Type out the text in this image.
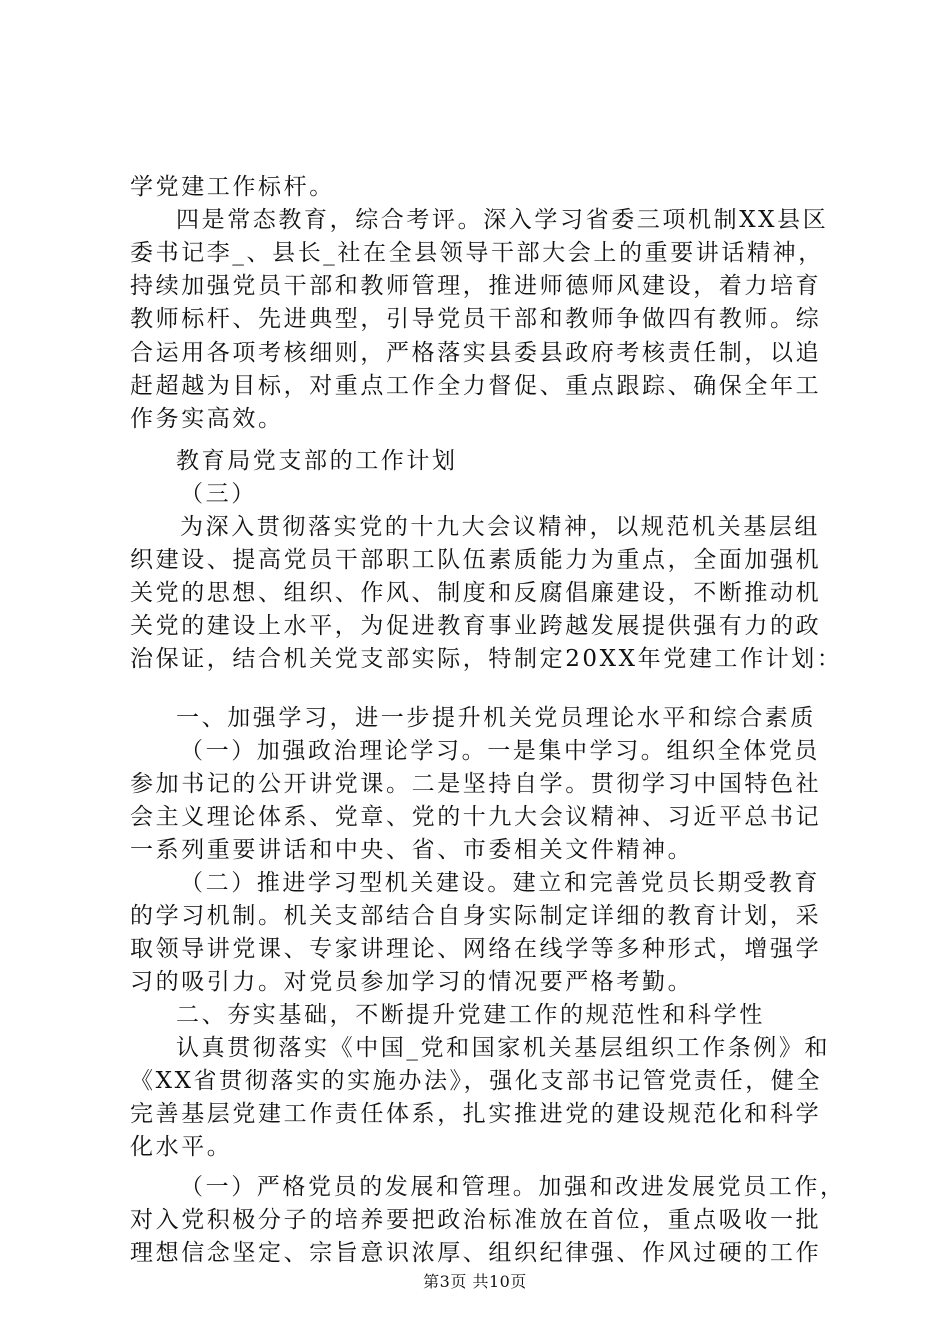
学党建工作标杆。
四是常态教育，综合考评。深入学习省委三项机制XX县区
委书记李_、县长_社在全县领导干部大会上的重要讲话精神，
持续加强党员干部和教师管理，推进师德师风建设，着力培育
教师标杆、先进典型，引导党员干部和教师争做四有教师。综
合运用各项考核细则，严格落实县委县政府考核责任制，以追
赶超越为目标，对重点工作全力督促、重点跟踪、确保全年工
作务实高效。
教育局党支部的工作计划
（三）
为深入贯彻落实党的十九大会议精神，以规范机关基层组
织建设、提高党员干部职工队伍素质能力为重点，全面加强机
关党的思想、组织、作风、制度和反腐倡廉建设，不断推动机
关党的建设上水平，为促进教育事业跨越发展提供强有力的政
治保证，结合机关党支部实际，特制定20XX年党建工作计划：
一、加强学习，进一步提升机关党员理论水平和综合素质
（一）加强政治理论学习。一是集中学习。组织全体党员
参加书记的公开讲党课。二是坚持自学。贯彻学习中国特色社
会主义理论体系、党章、党的十九大会议精神、习近平总书记
一系列重要讲话和中央、省、市委相关文件精神。
（二）推进学习型机关建设。建立和完善党员长期受教育
的学习机制。机关支部结合自身实际制定详细的教育计划，采
取领导讲党课、专家讲理论、网络在线学等多种形式，增强学
习的吸引力。对党员参加学习的情况要严格考勤。
二、夯实基础，不断提升党建工作的规范性和科学性
认真贯彻落实《中国_党和国家机关基层组织工作条例》和
《XX省贯彻落实的实施办法》，强化支部书记管党责任，健全
完善基层党建工作责任体系，扎实推进党的建设规范化和科学
化水平。
（一）严格党员的发展和管理。加强和改进发展党员工作，
对入党积极分子的培养要把政治标准放在首位，重点吸收一批
理想信念坚定、宗旨意识浓厚、组织纪律强、作风过硬的工作
第3页 共10页
